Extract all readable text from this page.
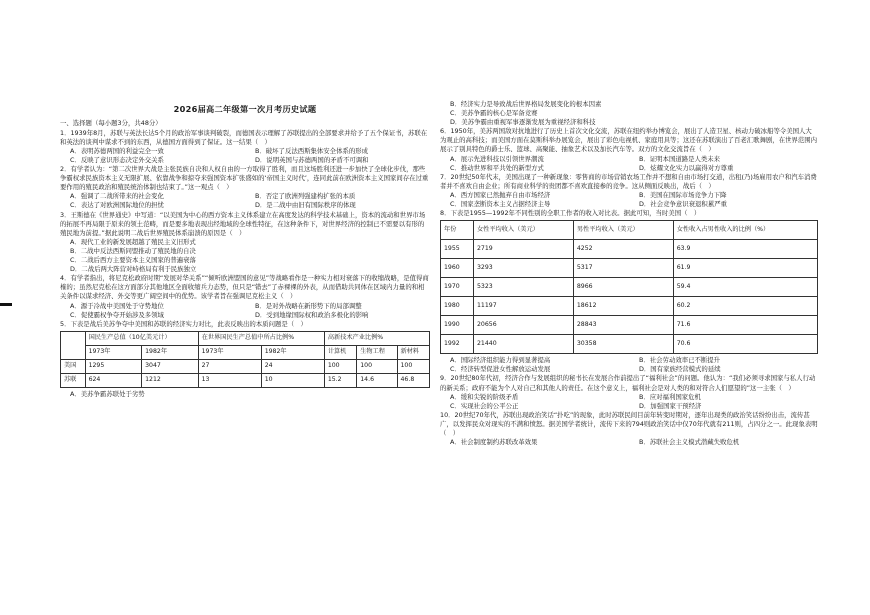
2026届高二年级第一次月考历史试题
一、选择题（每小题3分，共48分）
1．1939年8月，苏联与英法长达5个月的政治军事谈判破裂，而德国表示理解了苏联提出的全部要求并给予了五个保证书，苏联在和英法的谈判中谋求不到的东西，从德国方面得到了保证。这一结果（　）
A．表明苏德两国的利益完全一致	B．破坏了反法西斯集体安全体系的形成
C．反映了意识形态决定外交关系	D．说明英国与苏德两国的矛盾不可调和
2．有学者认为：“第二次世界大战是主张民族自决和人权自由的一方取得了胜利，而且这场胜利还进一步加快了全球化步伐，那些争霸权求民族资本主义无限扩展、依靠战争和掠夺来强国资本扩张盛如的‘帝国主义时代’，连同此前在欧洲资本主义国家间存在过重要作用的殖民政治和殖民统治体制也结束了。”这一观点（　）
A．强调了二战所带来的社会变化	B．否定了欧洲列强建构扩张的本质
C．表达了对欧洲国际地位的担忧	D．是二战中由旧有国际秩序的体现
3．王斯德在《世界通史》中写道：“以美国为中心的西方资本主义体系建立在高度发达的科学技术基础上，资本的流动和世界市场的拓展不再局限于原来的领土范畴，而是要多地表现出经地域的全球性特征，在这种条件下，对世界经济的控制已不需要以有形的殖民地为前提。”据此说明二战后世界殖民体系崩溃的原因是（　）
A．现代工业的新发展超越了殖民主义旧形式
B．二战中反法西斯同盟推动了殖民地的自决
C．二战后西方主要资本主义国家的普遍衰落
D．二战后两大阵营对峙格局有利于民族独立
4．有学者指出，将尼克松政府时期“发展对华关系”“倾听欧洲盟国的意见”等战略看作是一种实力相对衰落下的收缩战略，是值得商榷的；虽然尼克松在这方面部分其他地区全面收缩兵力态势，但只是“错去”了赤裸裸的外表，从而借助共同体在区域内力量的和相关条件以谋求经济、外交等更广阔空间中的优势。该学者旨在强调尼克松主义（　）
A．源于冷战中美国处于守势地位	B．是对外战略在新形势下的局部调整
C．促使霸权争夺开始涉及多领域	D．受到地缘国际权和政治多极化的影响
5．下表是战后美苏争夺中美国和苏联的经济实力对比，此表反映出的本质问题是（　）
	国民生产总值（10亿美元计）		在世界国民生产总值中所占比例%		高新技术产业比例%		
	1973年	1982年	1973年	1982年	计算机	生物工程	新材料
美国	1295	3047	27	24	100	100	100
苏联	624	1212	13	10	15.2	14.6	46.8
A．美苏争霸苏联处于劣势
B．经济实力是导致战后世界格局发展变化的根本因素
C．美苏争霸的核心是军备竞赛
D．美苏争霸由重视军事逐渐发展为重视经济和科技
6．1950年，美苏两国敌对抗地进行了历史上首次文化交流，苏联在纽约举办博览会，展出了人造卫星、核动力破冰船等令美国人大为观止的高科技；而美国方面在莫斯科举办展览会，展出了彩色电视机、家庭用具等；这还在苏联演出了百老汇歌舞剧，在世界范围内展示了别具特色的爵士乐、篮球、高聚能、抽象艺术以及加长汽车等。双方的文化交流旨在（　）
A．展示先进科技以引领世界潮流	B．证明本国道路是人类未来
C．推动世界和平共处的新型方式	D．炫耀文化实力以赢得对方尊重
7．20世纪50年代末，美国出现了一种新现象：零售商的市场营销农场工作并不想和自由市场打交道，出租(乃)场雇用农户和汽车消费者并不喜欢自由企业；所有商业科学的贵团都不喜欢直接参的竞争。这从侧面反映出，战后（　）
A．西方国家已然抛弃自由市场经济	B．美国在国际市场竞争力下降
C．国家垄断资本主义占据经济主导	D．社会竞争意识衰退积累严重
8．下表是1955—1992年不同性别的全职工作者的收入对比表。据此可知，当时美国（　）
年份	女性平均收入（美元）	男性平均收入（美元）	女性收入占男性收入的比例（%）
1955	2719	4252	63.9
1960	3293	5317	61.9
1970	5323	8966	59.4
1980	11197	18612	60.2
1990	20656	28843	71.6
1992	21440	30358	70.6
A．国际经济组织能力得到显著提高	B．社会劳动效率已不断提升
C．经济转型促进女性解放运动发展	D．国有家族经营模式的延续
9．20世纪80年代初，经济合作与发展组织的秘书长在发展合作前提出了“福利社会”的问题。他认为：“我们必须寻求国家与私人行动的新关系；政府不能为个人对自己和其他人的责任。在这个意义上，福利社会是对人类的和对符合人们愿望的”这一主张（　）
A．缓和尖锐的阶级矛盾	B．应对福利国家危机
C．实现社会的公平公正	D．加强国家干预经济
10．20世纪70年代，苏联出现政治笑话“扑吃”的现象，此时苏联民间目前年转变时期对，逐年出现类的政治笑话纷纷出击，流传甚广，以发挥民众对现实的不满和愤怒。据美国学者统计，流传下来的794则政治笑话中仅70年代就有211则，占四分之一。此现象表明（　）
A．社会制度制约苏联改革效果	B．苏联社会主义模式潜藏失败危机
